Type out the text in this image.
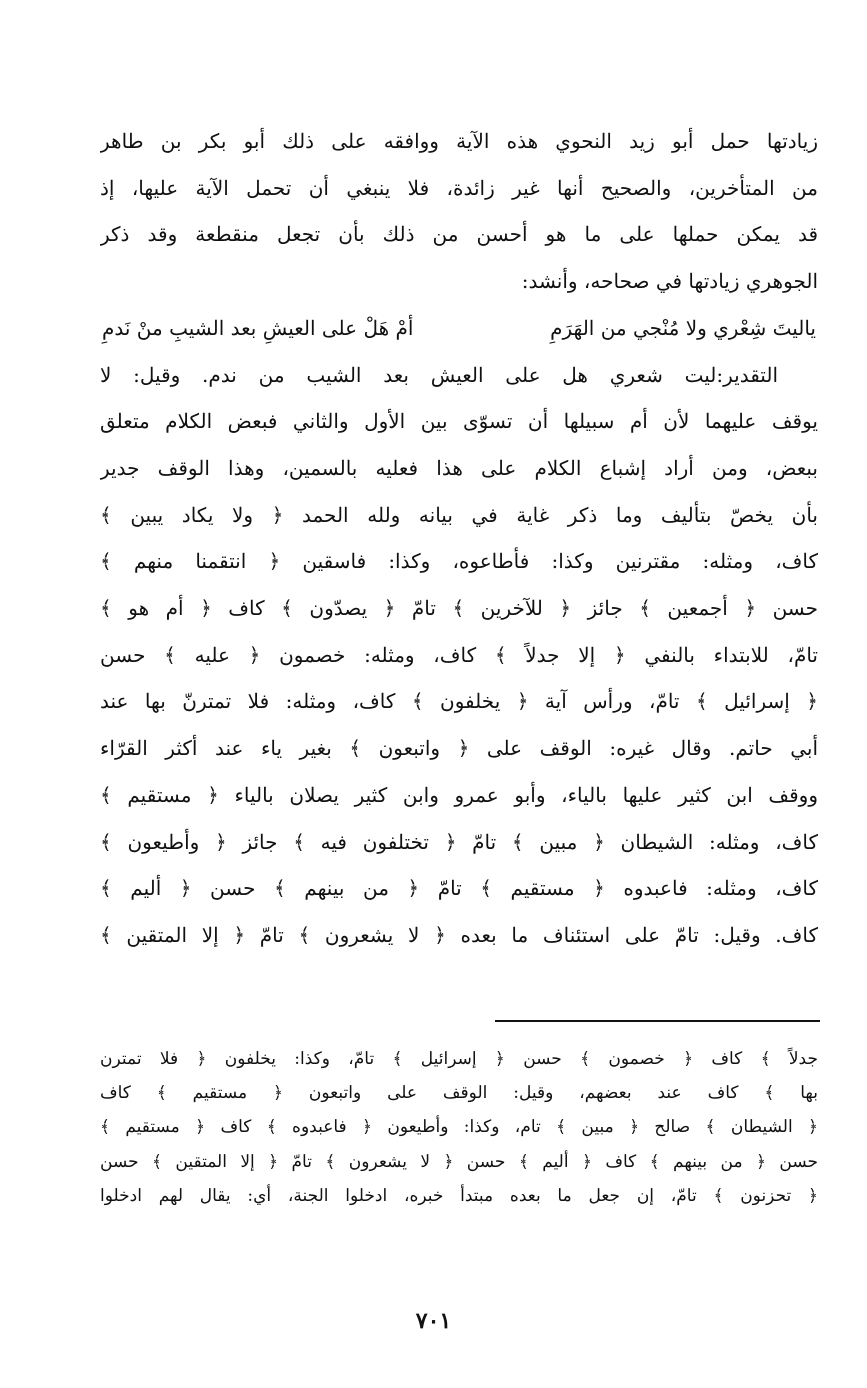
زيادتها حمل أبو زيد النحوي هذه الآية ووافقه على ذلك أبو بكر بن طاهر
من المتأخرين، والصحيح أنها غير زائدة، فلا ينبغي أن تحمل الآية عليها، إذ
قد يمكن حملها على ما هو أحسن من ذلك بأن تجعل منقطعة وقد ذكر
الجوهري زيادتها في صحاحه، وأنشد:
ياليتَ شِعْري ولا مُنْجي من الهَرَمِ
أمْ هَلْ على العيشِ بعد الشيبِ منْ نَدمِ
التقدير:ليت شعري هل على العيش بعد الشيب من ندم. وقيل: لا
يوقف عليهما لأن أم سبيلها أن تسوّى بين الأول والثاني فبعض الكلام متعلق
ببعض، ومن أراد إشباع الكلام على هذا فعليه بالسمين، وهذا الوقف جدير
بأن يخصّ بتأليف وما ذكر غاية في بيانه ولله الحمد ﴿ ولا يكاد يبين ﴾
كاف، ومثله: مقترنين وكذا: فأطاعوه، وكذا: فاسقين ﴿ انتقمنا منهم ﴾
حسن ﴿ أجمعين ﴾ جائز ﴿ للآخرين ﴾ تامّ ﴿ يصدّون ﴾ كاف ﴿ أم هو ﴾
تامّ، للابتداء بالنفي ﴿ إلا جدلاً ﴾ كاف، ومثله: خصمون ﴿ عليه ﴾ حسن
﴿ إسرائيل ﴾ تامّ، ورأس آية ﴿ يخلفون ﴾ كاف، ومثله: فلا تمترنّ بها عند
أبي حاتم. وقال غيره: الوقف على ﴿ واتبعون ﴾ بغير ياء عند أكثر القرّاء
ووقف ابن كثير عليها بالياء، وأبو عمرو وابن كثير يصلان بالياء ﴿ مستقيم ﴾
كاف، ومثله: الشيطان ﴿ مبين ﴾ تامّ ﴿ تختلفون فيه ﴾ جائز ﴿ وأطيعون ﴾
كاف، ومثله: فاعبدوه ﴿ مستقيم ﴾ تامّ ﴿ من بينهم ﴾ حسن ﴿ أليم ﴾
كاف. وقيل: تامّ على استئناف ما بعده ﴿ لا يشعرون ﴾ تامّ ﴿ إلا المتقين ﴾
جدلاً ﴾ كاف ﴿ خصمون ﴾ حسن ﴿ إسرائيل ﴾ تامّ، وكذا: يخلفون ﴿ فلا تمترن
بها ﴾ كاف عند بعضهم، وقيل: الوقف على واتبعون ﴿ مستقيم ﴾ كاف
﴿ الشيطان ﴾ صالح ﴿ مبين ﴾ تام، وكذا: وأطيعون ﴿ فاعبدوه ﴾ كاف ﴿ مستقيم ﴾
حسن ﴿ من بينهم ﴾ كاف ﴿ أليم ﴾ حسن ﴿ لا يشعرون ﴾ تامّ ﴿ إلا المتقين ﴾ حسن
﴿ تحزنون ﴾ تامّ، إن جعل ما بعده مبتدأ خبره، ادخلوا الجنة، أي: يقال لهم ادخلوا
٧٠١
